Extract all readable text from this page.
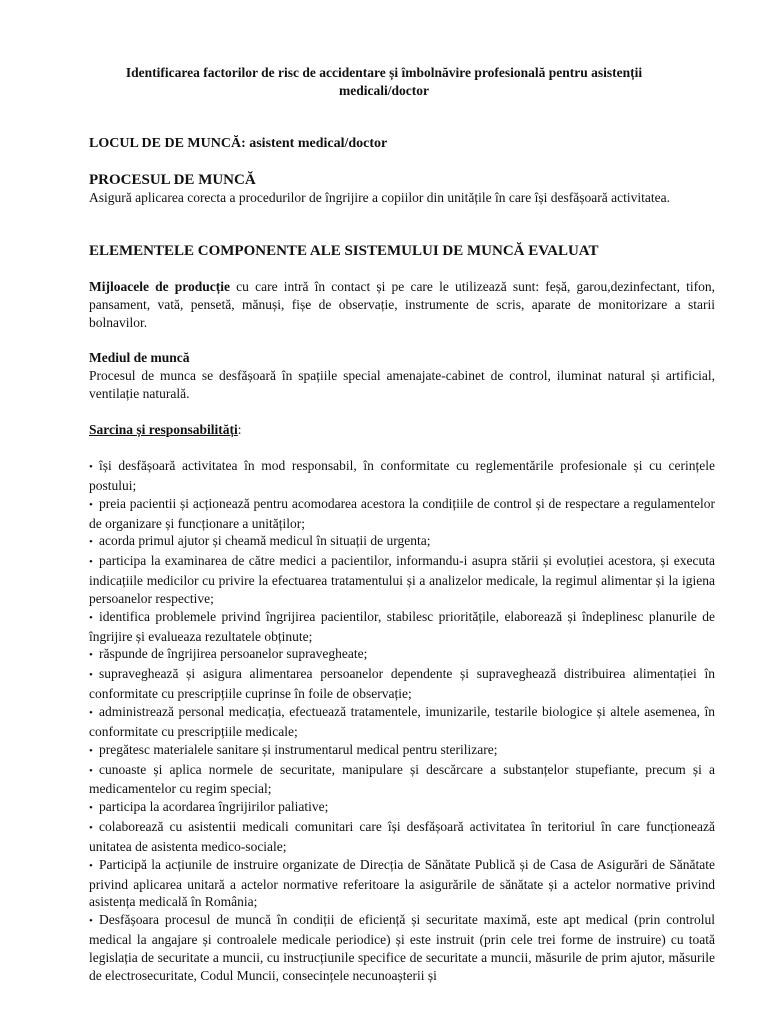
Identificarea factorilor de risc de accidentare și îmbolnăvire profesională pentru asistenții medicali/doctor
LOCUL DE DE MUNCĂ: asistent medical/doctor
PROCESUL DE MUNCĂ
Asigură aplicarea corecta a procedurilor de îngrijire a copiilor din unitățile în care își desfășoară activitatea.
ELEMENTELE COMPONENTE ALE SISTEMULUI DE MUNCĂ EVALUAT
Mijloacele de producție cu care intră în contact și pe care le utilizează sunt: feșă, garou,dezinfectant, tifon, pansament, vată, pensetă, mănuși, fișe de observație, instrumente de scris, aparate de monitorizare a starii bolnavilor.
Mediul de muncă
Procesul de munca se desfășoară în spațiile special amenajate-cabinet de control, iluminat natural și artificial, ventilație naturală.
Sarcina și responsabilități:
• își desfășoară activitatea în mod responsabil, în conformitate cu reglementările profesionale și cu cerințele postului;
• preia pacientii și acționează pentru acomodarea acestora la condițiile de control și de respectare a regulamentelor de organizare și funcționare a unităților;
• acorda primul ajutor și cheamă medicul în situații de urgenta;
• participa la examinarea de către medici a pacientilor, informandu-i asupra stării și evoluției acestora, și executa indicațiile medicilor cu privire la efectuarea tratamentului și a analizelor medicale, la regimul alimentar și la igiena persoanelor respective;
• identifica problemele privind îngrijirea pacientilor, stabilesc prioritățile, elaborează și îndeplinesc planurile de îngrijire și evalueaza rezultatele obținute;
• răspunde de îngrijirea persoanelor supravegheate;
• supraveghează și asigura alimentarea persoanelor dependente și supraveghează distribuirea alimentației în conformitate cu prescripțiile cuprinse în foile de observație;
• administrează personal medicația, efectuează tratamentele, imunizarile, testarile biologice și altele asemenea, în conformitate cu prescripțiile medicale;
• pregătesc materialele sanitare și instrumentarul medical pentru sterilizare;
• cunoaste și aplica normele de securitate, manipulare și descărcare a substanțelor stupefiante, precum și a medicamentelor cu regim special;
• participa la acordarea îngrijirilor paliative;
• colaborează cu asistentii medicali comunitari care își desfășoară activitatea în teritoriul în care funcționează unitatea de asistenta medico-sociale;
• Participă la acțiunile de instruire organizate de Direcția de Sănătate Publică și de Casa de Asigurări de Sănătate privind aplicarea unitară a actelor normative referitoare la asigurările de sănătate și a actelor normative privind asistența medicală în România;
• Desfășoara procesul de muncă în condiții de eficiență și securitate maximă, este apt medical (prin controlul medical la angajare și controalele medicale periodice) și este instruit (prin cele trei forme de instruire) cu toată legislația de securitate a muncii, cu instrucțiunile specifice de securitate a muncii, măsurile de prim ajutor, măsurile de electrosecuritate, Codul Muncii, consecințele necunoașterii și
